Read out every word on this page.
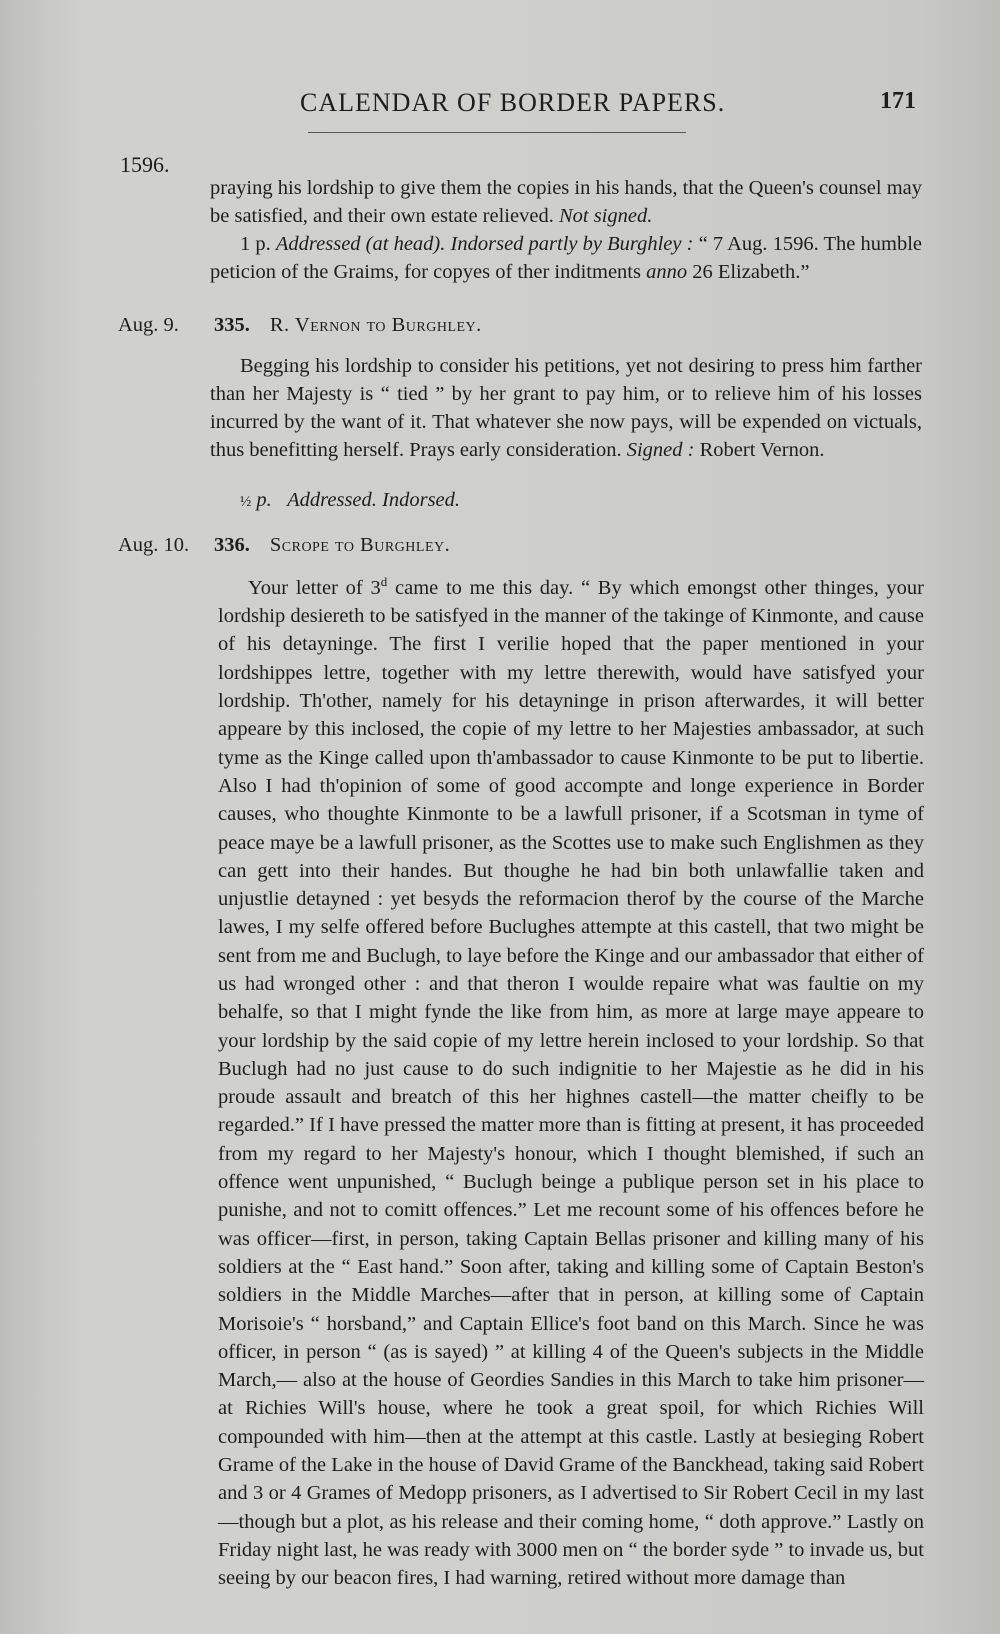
CALENDAR OF BORDER PAPERS.	171
1596.

praying his lordship to give them the copies in his hands, that the Queen's counsel may be satisfied, and their own estate relieved. Not signed.

1 p. Addressed (at head). Indorsed partly by Burghley : “ 7 Aug. 1596. The humble peticion of the Graims, for copyes of ther inditments anno 26 Elizabeth.”

Aug. 9. 335. R. Vernon to Burghley.

Begging his lordship to consider his petitions, yet not desiring to press him farther than her Majesty is “ tied ” by her grant to pay him, or to relieve him of his losses incurred by the want of it. That whatever she now pays, will be expended on victuals, thus benefitting herself. Prays early consideration. Signed : Robert Vernon.

½ p. Addressed. Indorsed.

Aug. 10. 336. Scrope to Burghley.

Your letter of 3$^d$ came to me this day. “ By which emongst other thinges, your lordship desiereth to be satisfyed in the manner of the takinge of Kinmonte, and cause of his detayninge. The first I verilie hoped that the paper mentioned in your lordshippes lettre, together with my lettre therewith, would have satisfyed your lordship. Th'other, namely for his detayninge in prison afterwardes, it will better appeare by this inclosed, the copie of my lettre to her Majesties ambassador, at such tyme as the Kinge called upon th'ambassador to cause Kinmonte to be put to libertie. Also I had th'opinion of some of good accompte and longe experience in Border causes, who thoughte Kinmonte to be a lawfull prisoner, if a Scotsman in tyme of peace maye be a lawfull prisoner, as the Scottes use to make such Englishmen as they can gett into their handes. But thoughe he had bin both unlawfallie taken and unjustlie detayned : yet besyds the reformacion therof by the course of the Marche lawes, I my selfe offered before Buclughes attempte at this castell, that two might be sent from me and Buclugh, to laye before the Kinge and our ambassador that either of us had wronged other : and that theron I woulde repaire what was faultie on my behalfe, so that I might fynde the like from him, as more at large maye appeare to your lordship by the said copie of my lettre herein inclosed to your lordship. So that Buclugh had no just cause to do such indignitie to her Majestie as he did in his proude assault and breatch of this her highnes castell—the matter cheifly to be regarded.” If I have pressed the matter more than is fitting at present, it has proceeded from my regard to her Majesty's honour, which I thought blemished, if such an offence went unpunished, “ Buclugh beinge a publique person set in his place to punishe, and not to comitt offences.” Let me recount some of his offences before he was officer—first, in person, taking Captain Bellas prisoner and killing many of his soldiers at the “ East hand.” Soon after, taking and killing some of Captain Beston's soldiers in the Middle Marches—after that in person, at killing some of Captain Morisoie's “ horsband,” and Captain Ellice's foot band on this March. Since he was officer, in person “ (as is sayed) ” at killing 4 of the Queen's subjects in the Middle March,— also at the house of Geordies Sandies in this March to take him prisoner—at Richies Will's house, where he took a great spoil, for which Richies Will compounded with him—then at the attempt at this castle. Lastly at besieging Robert Grame of the Lake in the house of David Grame of the Banckhead, taking said Robert and 3 or 4 Grames of Medopp prisoners, as I advertised to Sir Robert Cecil in my last—though but a plot, as his release and their coming home, “ doth approve.” Lastly on Friday night last, he was ready with 3000 men on “ the border syde ” to invade us, but seeing by our beacon fires, I had warning, retired without more damage than
